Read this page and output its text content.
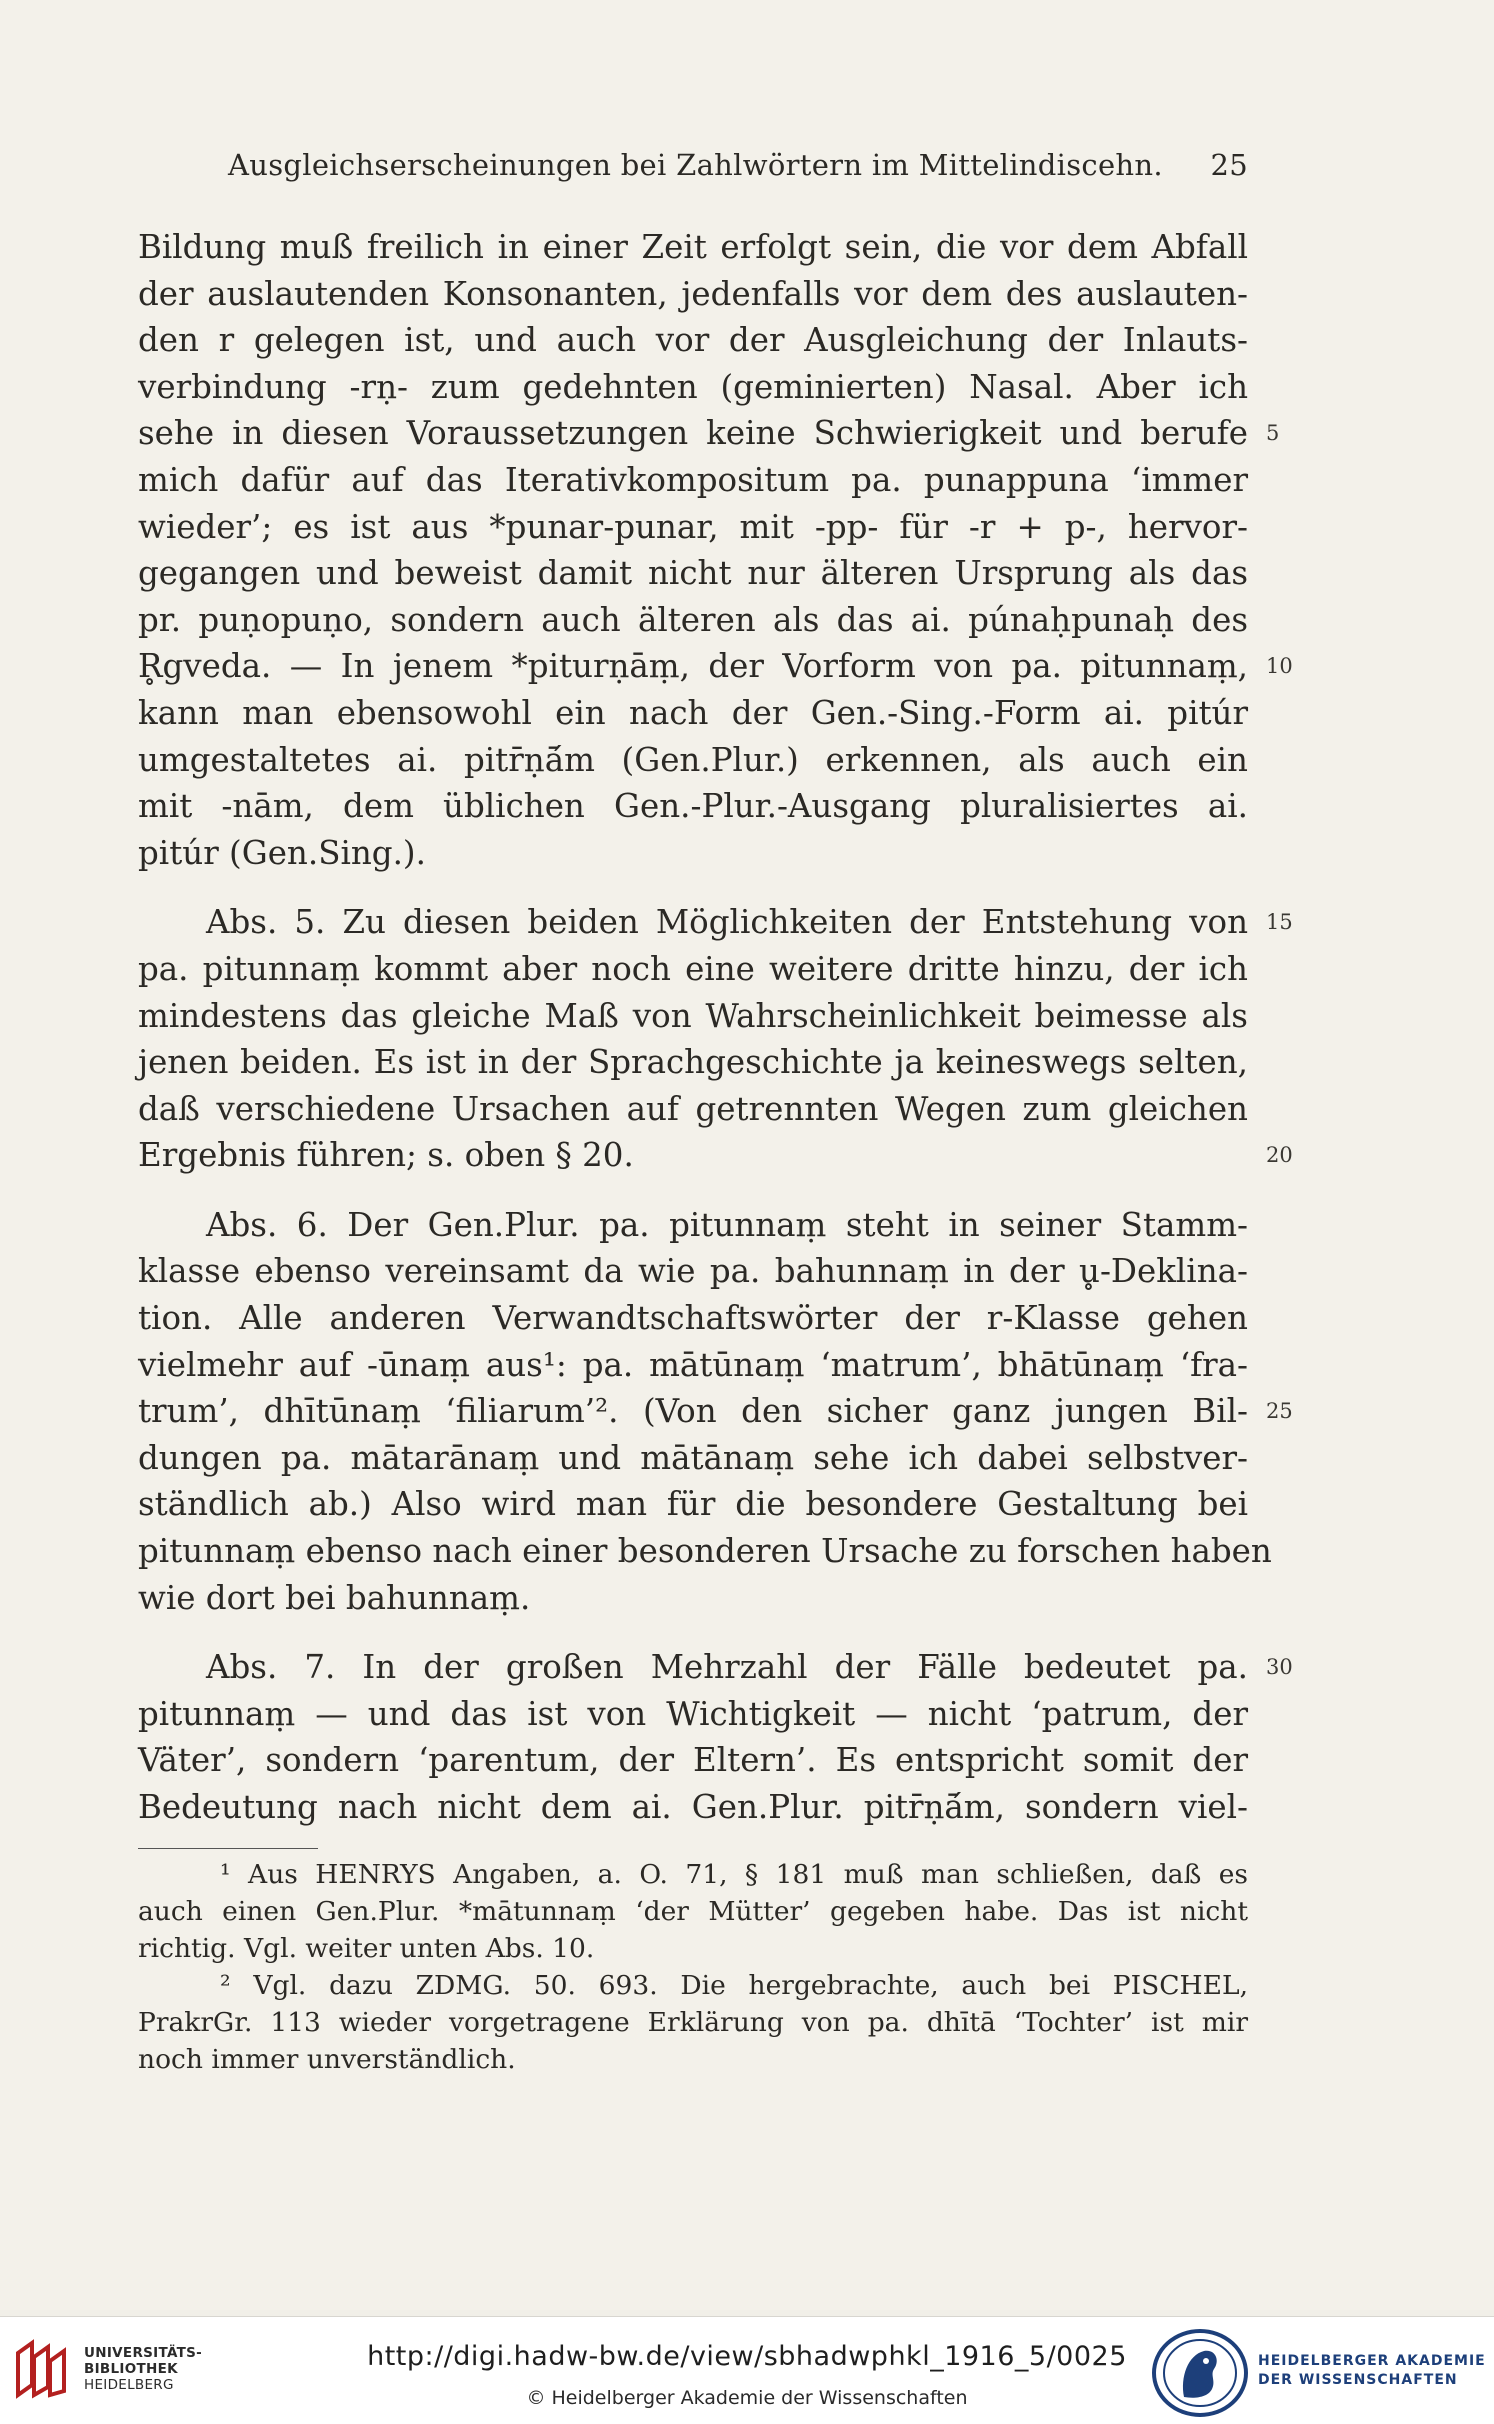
Ausgleichserscheinungen bei Zahlwörtern im Mittelindiscehn. 25
Bildung muß freilich in einer Zeit erfolgt sein, die vor dem Abfall
der auslautenden Konsonanten, jedenfalls vor dem des auslauten-
den r gelegen ist, und auch vor der Ausgleichung der Inlauts-
verbindung -rṇ- zum gedehnten (geminierten) Nasal. Aber ich
sehe in diesen Voraussetzungen keine Schwierigkeit und berufe 5
mich dafür auf das Iterativkompositum pa. punappuna ‘immer
wieder’; es ist aus *punar-punar, mit -pp- für -r + p-, hervor-
gegangen und beweist damit nicht nur älteren Ursprung als das
pr. puṇopuṇo, sondern auch älteren als das ai. púnaḥpunaḥ des
R̥gveda. — In jenem *piturṇāṃ, der Vorform von pa. pitunnaṃ, 10
kann man ebensowohl ein nach der Gen.-Sing.-Form ai. pitúr
umgestaltetes ai. pitr̄ṇā́m (Gen.Plur.) erkennen, als auch ein
mit -nām, dem üblichen Gen.-Plur.-Ausgang pluralisiertes ai.
pitúr (Gen.Sing.).
Abs. 5. Zu diesen beiden Möglichkeiten der Entstehung von 15
pa. pitunnaṃ kommt aber noch eine weitere dritte hinzu, der ich
mindestens das gleiche Maß von Wahrscheinlichkeit beimesse als
jenen beiden. Es ist in der Sprachgeschichte ja keineswegs selten,
daß verschiedene Ursachen auf getrennten Wegen zum gleichen
Ergebnis führen; s. oben § 20.	20
Abs. 6. Der Gen.Plur. pa. pitunnaṃ steht in seiner Stamm-
klasse ebenso vereinsamt da wie pa. bahunnaṃ in der u̥-Deklina-
tion. Alle anderen Verwandtschaftswörter der r-Klasse gehen
vielmehr auf -ūnaṃ aus¹: pa. mātūnaṃ ‘matrum’, bhātūnaṃ ‘fra-
trum’, dhītūnaṃ ‘filiarum’². (Von den sicher ganz jungen Bil- 25
dungen pa. mātarānaṃ und mātānaṃ sehe ich dabei selbstver-
ständlich ab.) Also wird man für die besondere Gestaltung bei
pitunnaṃ ebenso nach einer besonderen Ursache zu forschen haben
wie dort bei bahunnaṃ.
Abs. 7. In der großen Mehrzahl der Fälle bedeutet pa. 30
pitunnaṃ — und das ist von Wichtigkeit — nicht ‘patrum, der
Väter’, sondern ‘parentum, der Eltern’. Es entspricht somit der
Bedeutung nach nicht dem ai. Gen.Plur. pitr̄ṇā́m, sondern viel-
¹ Aus HENRYS Angaben, a. O. 71, § 181 muß man schließen, daß es
auch einen Gen.Plur. *mātunnaṃ ‘der Mütter’ gegeben habe. Das ist nicht
richtig. Vgl. weiter unten Abs. 10.
² Vgl. dazu ZDMG. 50. 693. Die hergebrachte, auch bei PISCHEL,
PrakrGr. 113 wieder vorgetragene Erklärung von pa. dhītā ‘Tochter’ ist mir
noch immer unverständlich.
UNIVERSITÄTS-
BIBLIOTHEK
HEIDELBERG
http://digi.hadw-bw.de/view/sbhadwphkl_1916_5/0025
© Heidelberger Akademie der Wissenschaften
HEIDELBERGER AKADEMIE
DER WISSENSCHAFTEN
